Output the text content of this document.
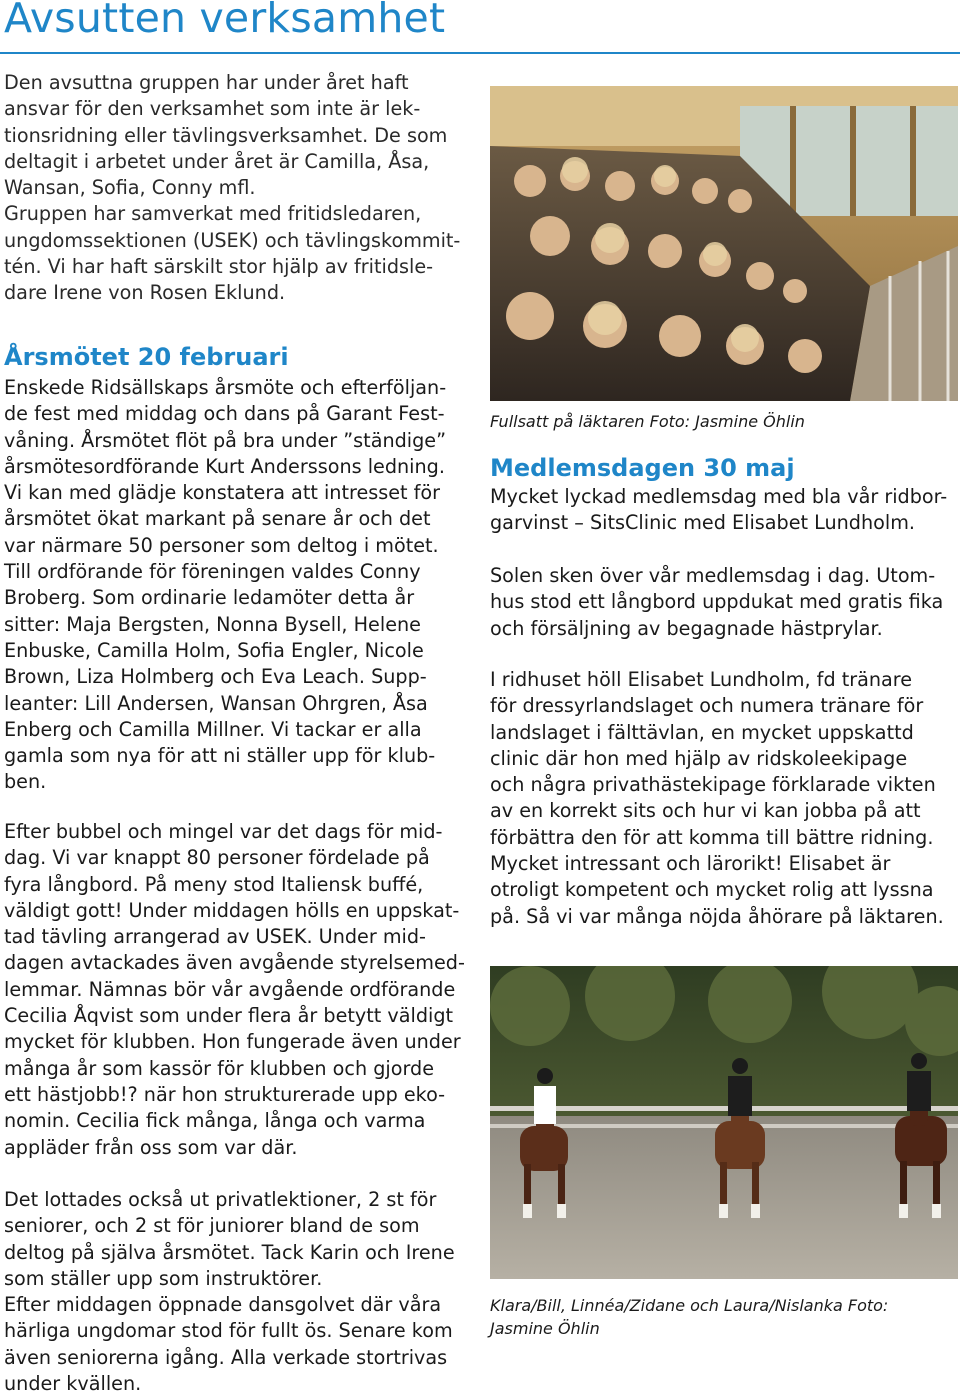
Avsutten verksamhet

Den avsuttna gruppen har under året haft
ansvar för den verksamhet som inte är lek-
tionsridning eller tävlingsverksamhet. De som
deltagit i arbetet under året är Camilla, Åsa,
Wansan, Sofia, Conny mfl.
Gruppen har samverkat med fritidsledaren,
ungdomssektionen (USEK) och tävlingskommit-
tén. Vi har haft särskilt stor hjälp av fritidsle-
dare Irene von Rosen Eklund.

Årsmötet 20 februari

Enskede Ridsällskaps årsmöte och efterföljan-
de fest med middag och dans på Garant Fest-
våning. Årsmötet flöt på bra under ”ständige”
årsmötesordförande Kurt Anderssons ledning.
Vi kan med glädje konstatera att intresset för
årsmötet ökat markant på senare år och det
var närmare 50 personer som deltog i mötet.
Till ordförande för föreningen valdes Conny
Broberg. Som ordinarie ledamöter detta år
sitter: Maja Bergsten, Nonna Bysell, Helene
Enbuske, Camilla Holm, Sofia Engler, Nicole
Brown, Liza Holmberg och Eva Leach. Supp-
leanter: Lill Andersen, Wansan Ohrgren, Åsa
Enberg och Camilla Millner. Vi tackar er alla
gamla som nya för att ni ställer upp för klub-
ben.

Efter bubbel och mingel var det dags för mid-
dag. Vi var knappt 80 personer fördelade på
fyra långbord. På meny stod Italiensk buffé,
väldigt gott! Under middagen hölls en uppskat-
tad tävling arrangerad av USEK. Under mid-
dagen avtackades även avgående styrelsemed-
lemmar. Nämnas bör vår avgående ordförande
Cecilia Åqvist som under flera år betytt väldigt
mycket för klubben. Hon fungerade även under
många år som kassör för klubben och gjorde
ett hästjobb!? när hon strukturerade upp eko-
nomin. Cecilia fick många, långa och varma
appläder från oss som var där.

Det lottades också ut privatlektioner, 2 st för
seniorer, och 2 st för juniorer bland de som
deltog på själva årsmötet. Tack Karin och Irene
som ställer upp som instruktörer.
Efter middagen öppnade dansgolvet där våra
härliga ungdomar stod för fullt ös. Senare kom
även seniorerna igång. Alla verkade stortrivas
under kvällen.

Fullsatt på läktaren Foto: Jasmine Öhlin
Medlemsdagen 30 maj

Mycket lyckad medlemsdag med bla vår ridbor-
garvinst – SitsClinic med Elisabet Lundholm.

Solen sken över vår medlemsdag i dag. Utom-
hus stod ett långbord uppdukat med gratis fika
och försäljning av begagnade hästprylar.

I ridhuset höll Elisabet Lundholm, fd tränare
för dressyrlandslaget och numera tränare för
landslaget i fälttävlan, en mycket uppskattd
clinic där hon med hjälp av ridskoleekipage
och några privathästekipage förklarade vikten
av en korrekt sits och hur vi kan jobba på att
förbättra den för att komma till bättre ridning.
Mycket intressant och lärorikt! Elisabet är
otroligt kompetent och mycket rolig att lyssna
på. Så vi var många nöjda åhörare på läktaren.

Klara/Bill, Linnéa/Zidane och Laura/Nislanka Foto:
Jasmine Öhlin
